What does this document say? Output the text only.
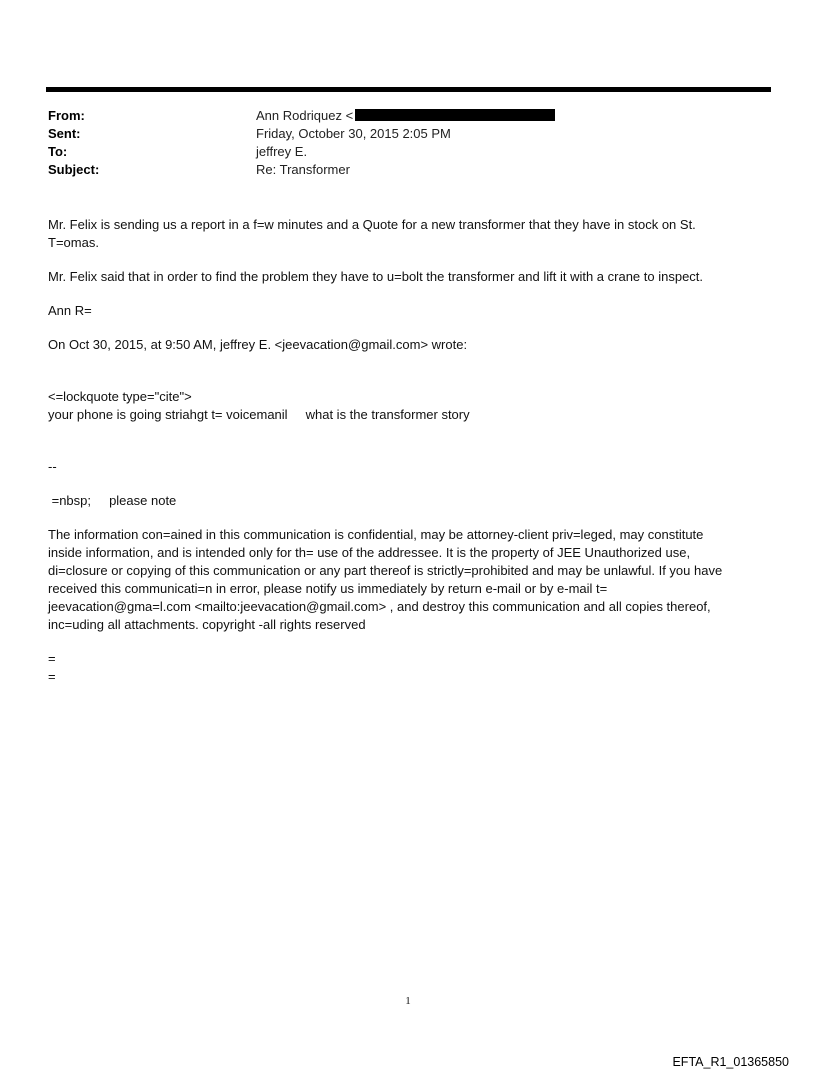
From:	Ann Rodriquez <
Sent:	Friday, October 30, 2015 2:05 PM
To:	jeffrey E.
Subject:	Re: Transformer

Mr. Felix is sending us a report in a f=w minutes and a Quote for a new transformer that they have in stock on St.
T=omas.

Mr. Felix said that in order to find the problem they have to u=bolt the transformer and lift it with a crane to inspect.

Ann R=

On Oct 30, 2015, at 9:50 AM, jeffrey E. <jeevacation@gmail.com> wrote:

<=lockquote type="cite">
your phone is going striahgt t= voicemanil     what is the transformer story

--

=nbsp;     please note

The information con=ained in this communication is confidential, may be attorney-client priv=leged, may constitute
inside information, and is intended only for th= use of the addressee. It is the property of JEE Unauthorized use,
di=closure or copying of this communication or any part thereof is strictly=prohibited and may be unlawful. If you have
received this communicati=n in error, please notify us immediately by return e-mail or by e-mail t=
jeevacation@gma=l.com <mailto:jeevacation@gmail.com> , and destroy this communication and all copies thereof,
inc=uding all attachments. copyright -all rights reserved

=
=

1
EFTA_R1_01365850
